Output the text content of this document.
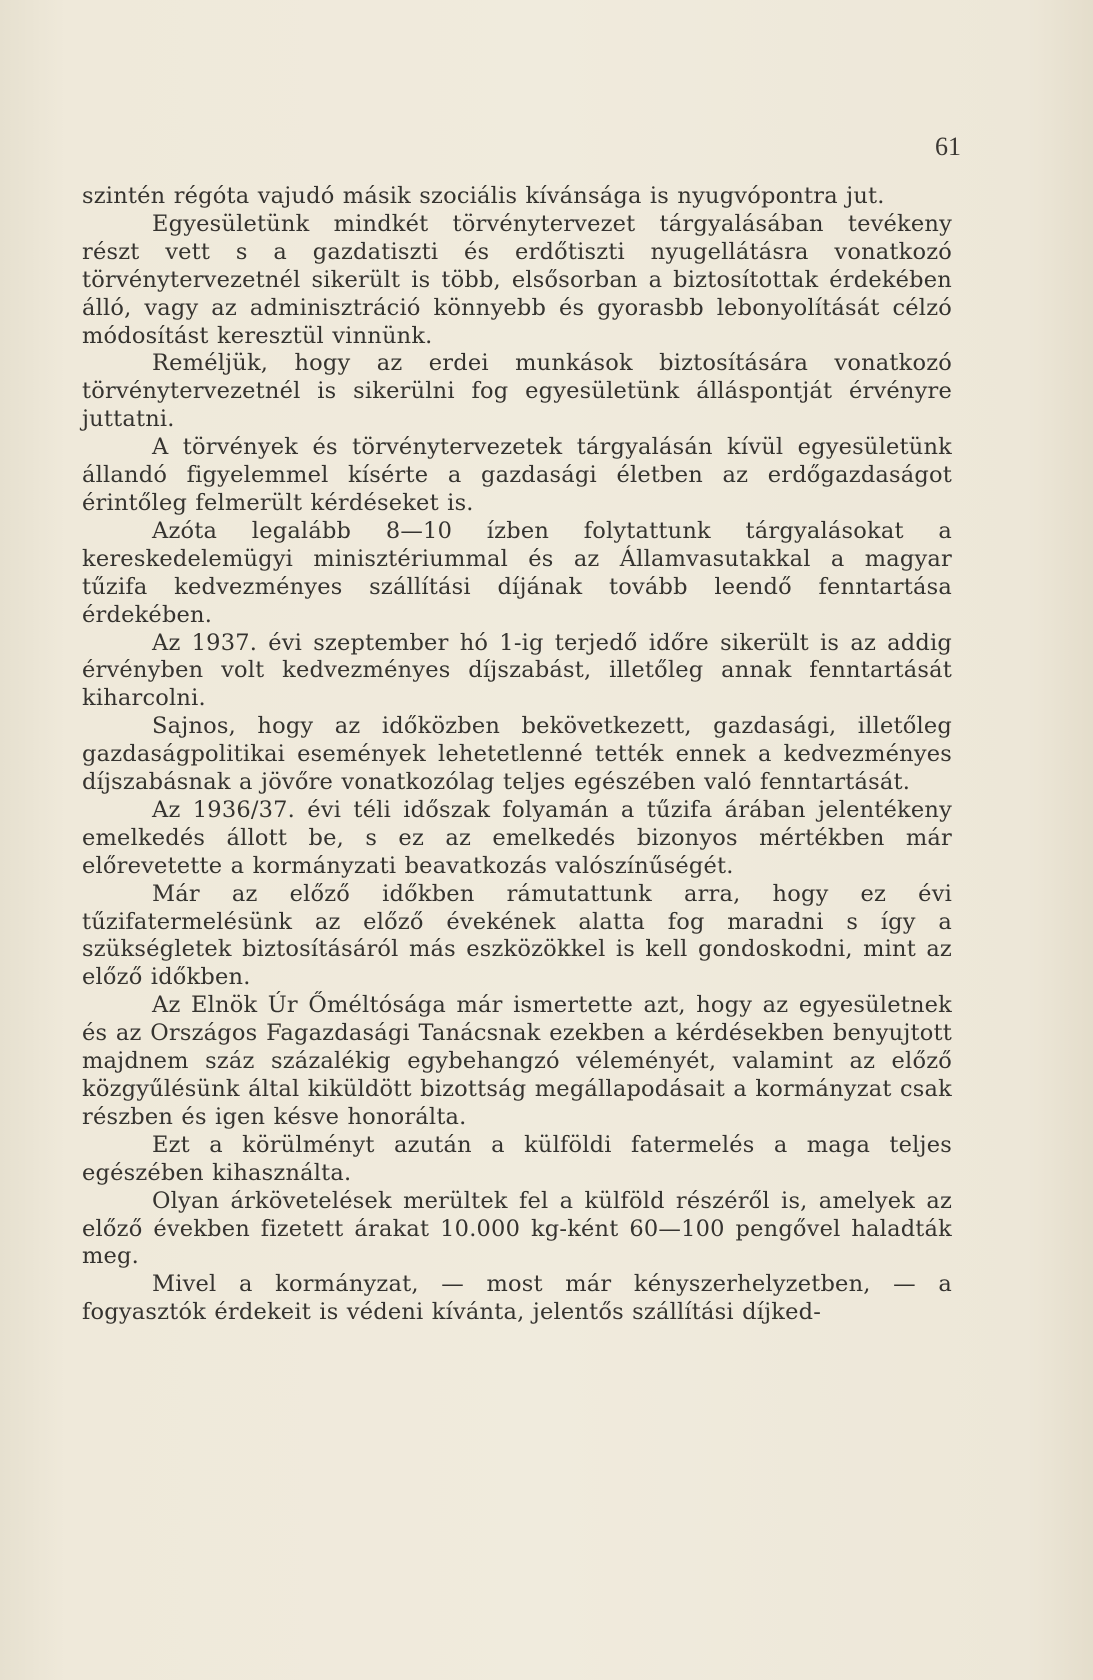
61

szintén régóta vajudó másik szociális kívánsága is nyugvópontra jut.

Egyesületünk mindkét törvénytervezet tárgyalásában tevékeny részt vett s a gazdatiszti és erdőtiszti nyugellátásra vonatkozó törvénytervezetnél sikerült is több, elsősorban a biztosítottak érdekében álló, vagy az adminisztráció könnyebb és gyorasbb lebonyolítását célzó módosítást keresztül vinnünk.

Reméljük, hogy az erdei munkások biztosítására vonatkozó törvénytervezetnél is sikerülni fog egyesületünk álláspontját érvényre juttatni.

A törvények és törvénytervezetek tárgyalásán kívül egyesületünk állandó figyelemmel kísérte a gazdasági életben az erdőgazdaságot érintőleg felmerült kérdéseket is.

Azóta legalább 8—10 ízben folytattunk tárgyalásokat a kereskedelemügyi minisztériummal és az Államvasutakkal a magyar tűzifa kedvezményes szállítási díjának tovább leendő fenntartása érdekében.

Az 1937. évi szeptember hó 1-ig terjedő időre sikerült is az addig érvényben volt kedvezményes díjszabást, illetőleg annak fenntartását kiharcolni.

Sajnos, hogy az időközben bekövetkezett, gazdasági, illetőleg gazdaságpolitikai események lehetetlenné tették ennek a kedvezményes díjszabásnak a jövőre vonatkozólag teljes egészében való fenntartását.

Az 1936/37. évi téli időszak folyamán a tűzifa árában jelentékeny emelkedés állott be, s ez az emelkedés bizonyos mértékben már előrevetette a kormányzati beavatkozás valószínűségét.

Már az előző időkben rámutattunk arra, hogy ez évi tűzifatermelésünk az előző évekének alatta fog maradni s így a szükségletek biztosításáról más eszközökkel is kell gondoskodni, mint az előző időkben.

Az Elnök Úr Őméltósága már ismertette azt, hogy az egyesületnek és az Országos Fagazdasági Tanácsnak ezekben a kérdésekben benyujtott majdnem száz százalékig egybehangzó véleményét, valamint az előző közgyűlésünk által kiküldött bizottság megállapodásait a kormányzat csak részben és igen késve honorálta.

Ezt a körülményt azután a külföldi fatermelés a maga teljes egészében kihasználta.

Olyan árkövetelések merültek fel a külföld részéről is, amelyek az előző években fizetett árakat 10.000 kg-ként 60—100 pengővel haladták meg.

Mivel a kormányzat, — most már kényszerhelyzetben, — a fogyasztók érdekeit is védeni kívánta, jelentős szállítási díjked-
